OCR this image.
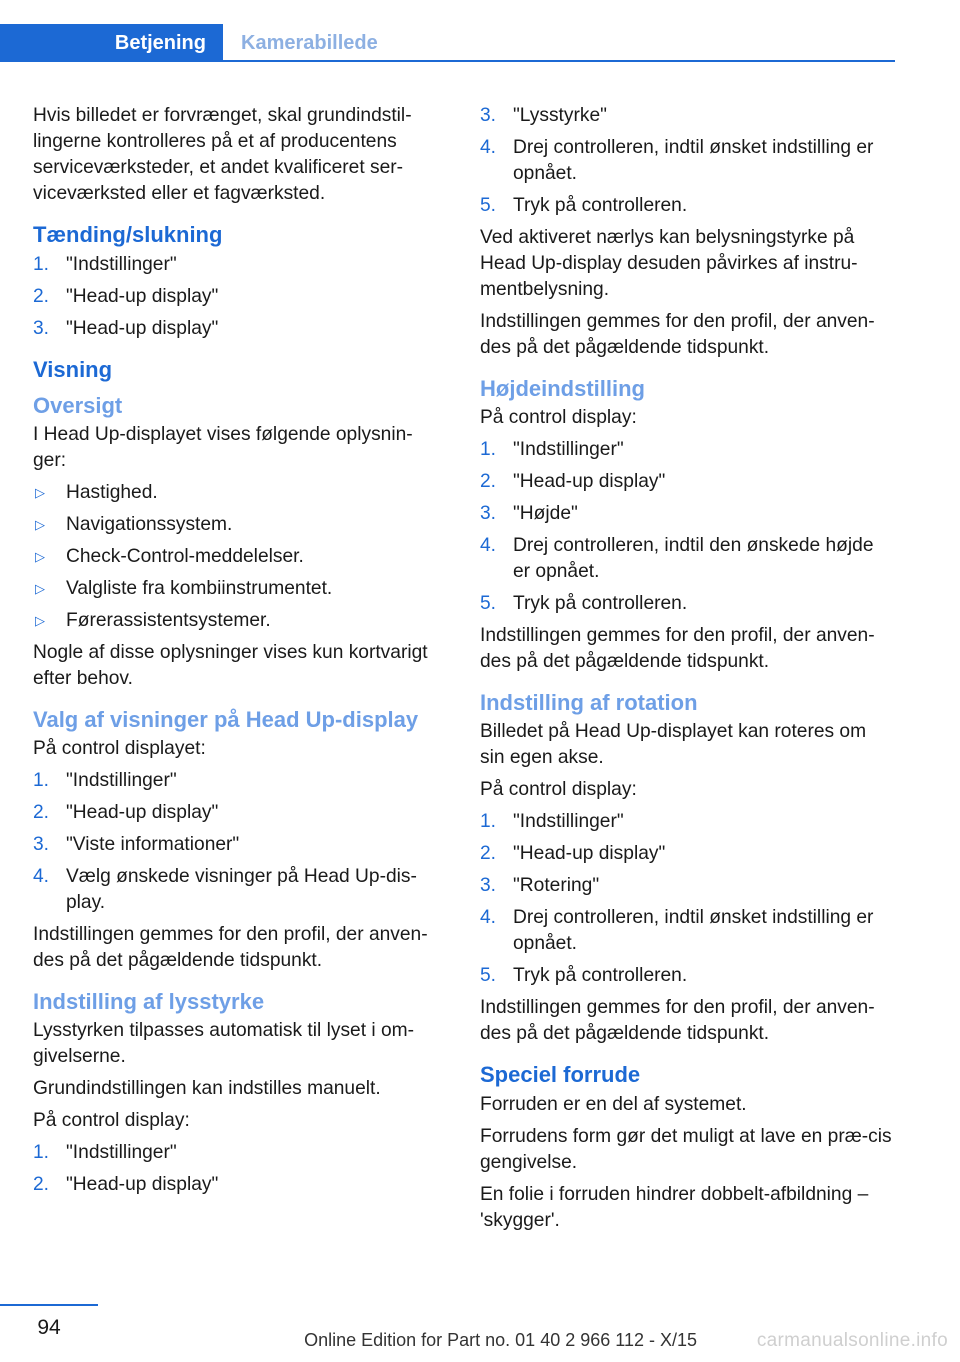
Betjening	Kamerabillede

Hvis billedet er forvrænget, skal grundindstil-lingerne kontrolleres på et af producentens serviceværksteder, et andet kvalificeret ser-viceværksted eller et fagværksted.

Tænding/slukning
1. "Indstillinger"
2. "Head-up display"
3. "Head-up display"
Visning
Oversigt

I Head Up-displayet vises følgende oplysnin-ger:

▷ Hastighed.
▷ Navigationssystem.
▷ Check-Control-meddelelser.
▷ Valgliste fra kombiinstrumentet.
▷ Førerassistentsystemer.

Nogle af disse oplysninger vises kun kortvarigt efter behov.

Valg af visninger på Head Up-display

På control displayet:

1. "Indstillinger"
2. "Head-up display"
3. "Viste informationer"
4. Vælg ønskede visninger på Head Up-dis-play.

Indstillingen gemmes for den profil, der anven-des på det pågældende tidspunkt.

Indstilling af lysstyrke

Lysstyrken tilpasses automatisk til lyset i om-givelserne.

Grundindstillingen kan indstilles manuelt.

På control display:

1. "Indstillinger"
2. "Head-up display"
3. "Lysstyrke"
4. Drej controlleren, indtil ønsket indstilling er opnået.
5. Tryk på controlleren.

Ved aktiveret nærlys kan belysningstyrke på Head Up-display desuden påvirkes af instru-mentbelysning.

Indstillingen gemmes for den profil, der anven-des på det pågældende tidspunkt.

Højdeindstilling

På control display:

1. "Indstillinger"
2. "Head-up display"
3. "Højde"
4. Drej controlleren, indtil den ønskede højde er opnået.
5. Tryk på controlleren.

Indstillingen gemmes for den profil, der anven-des på det pågældende tidspunkt.

Indstilling af rotation

Billedet på Head Up-displayet kan roteres om sin egen akse.

På control display:

1. "Indstillinger"
2. "Head-up display"
3. "Rotering"
4. Drej controlleren, indtil ønsket indstilling er opnået.
5. Tryk på controlleren.

Indstillingen gemmes for den profil, der anven-des på det pågældende tidspunkt.

Speciel forrude

Forruden er en del af systemet.

Forrudens form gør det muligt at lave en præ-cis gengivelse.

En folie i forruden hindrer dobbelt-afbildning – 'skygger'.

94
Online Edition for Part no. 01 40 2 966 112 - X/15	carmanualsonline.info
